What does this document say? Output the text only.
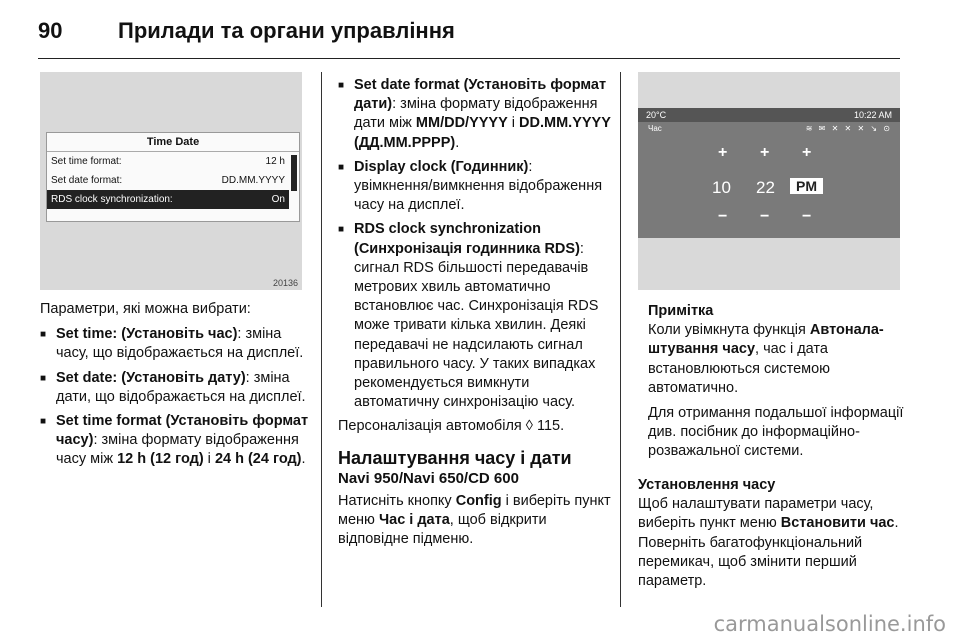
90	Прилади та органи управління
Time Date
Set time format:	12 h
Set date format:	DD.MM.YYYY
RDS clock synchronization:	On
20136

Параметри, які можна вибрати:

■ Set time: (Установіть час): зміна часу, що відображається на дисплеї.
■ Set date: (Установіть дату): зміна дати, що відображається на дисплеї.
■ Set time format (Установіть формат часу): зміна формату відображення часу між 12 h (12 год) і 24 h (24 год).
■ Set date format (Установіть формат дати): зміна формату відображення дати між MM/DD/YYYY і DD.MM.YYYY (ДД.ММ.РРРР).
■ Display clock (Годинник): увімкнення/вимкнення відображення часу на дисплеї.
■ RDS clock synchronization (Синхронізація годинника RDS): сигнал RDS більшості передавачів метрових хвиль автоматично встановлює час. Синхронізація RDS може тривати кілька хвилин. Деякі передавачі не надсилають сигнал правильного часу. У таких випадках рекомендується вимкнути автоматичну синхронізацію часу.

Персоналізація автомобіля ◊ 115.

Налаштування часу і дати
Navi 950/Navi 650/CD 600

Натисніть кнопку Config і виберіть пункт меню Час і дата, щоб відкрити відповідне підменю.

20°C	10:22 AM
Час	≋ ✉ ✕ ✕ ✕ ↘ ⊙
+ + +
10 22	PM
− − −
Примітка

Коли увімкнута функція Автонала-штування часу, час і дата встановлюються системою автоматично.

Для отримання подальшої інформації див. посібник до інформаційно-розважальної системи.

Установлення часу

Щоб налаштувати параметри часу, виберіть пункт меню Встановити час. Поверніть багатофункціональний перемикач, щоб змінити перший параметр.

carmanualsonline.info
